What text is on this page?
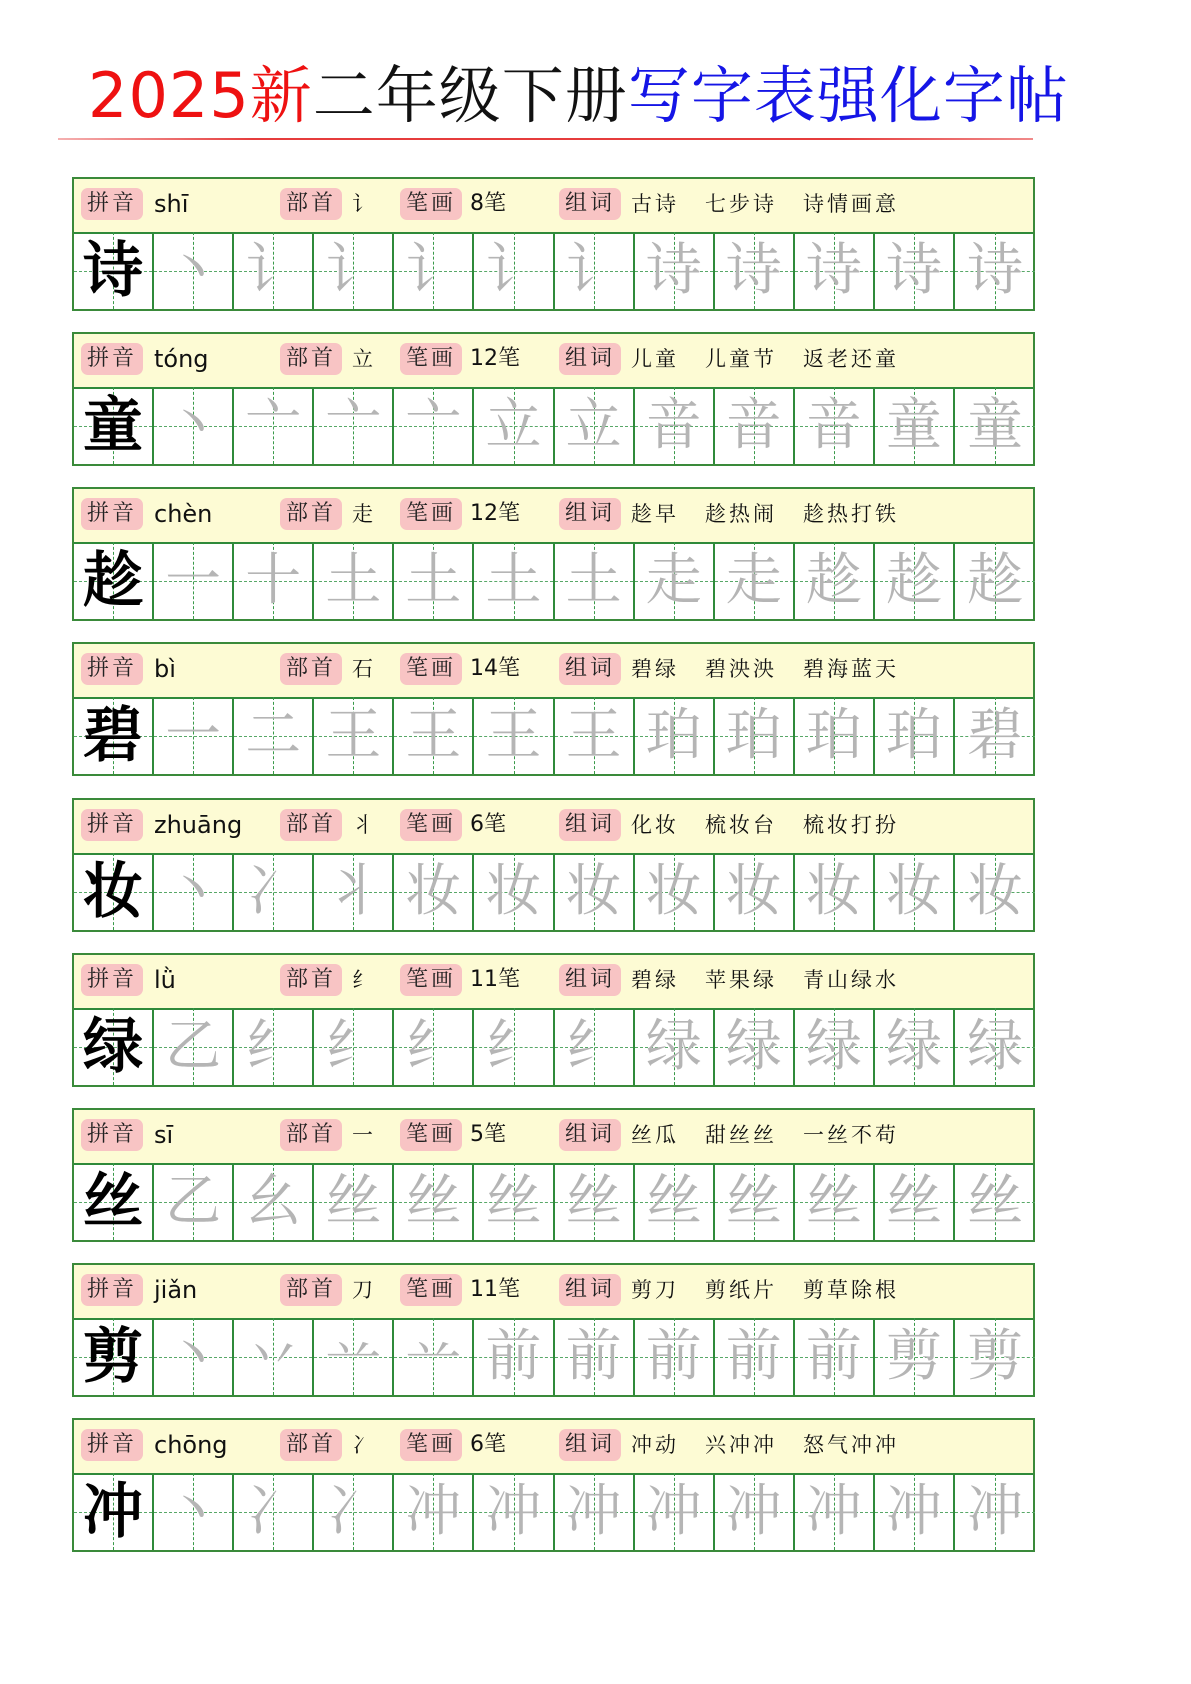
2025新二年级下册写字表强化字帖
拼音 shī	部首 讠 笔画 8笔	组词 古诗 七步诗 诗情画意
诗 丶 讠 讠 讠 讠 讠 诗 诗 诗 诗 诗
拼音 tóng	部首 立 笔画 12笔 组词 儿童 儿童节 返老还童
童 丶 亠 亠 亠 立 立 音 音 音 童 童
拼音 chèn	部首 走 笔画 12笔 组词 趁早 趁热闹 趁热打铁
趁 一 十 土 土 土 土 走 走 趁 趁 趁
拼音 bì	部首 石 笔画 14笔 组词 碧绿 碧泱泱 碧海蓝天
碧 一 二 王 王 王 王 珀 珀 珀 珀 碧
拼音 zhuāng 部首 丬 笔画 6笔	组词 化妆 梳妆台 梳妆打扮
妆 丶 冫 丬 妆 妆 妆 妆 妆 妆 妆 妆
拼音 lǜ	部首 纟 笔画 11笔 组词 碧绿 苹果绿 青山绿水
绿 乙 纟 纟 纟 纟 纟 绿 绿 绿 绿 绿
拼音 sī	部首 一 笔画 5笔	组词 丝瓜 甜丝丝 一丝不苟
丝 乙 幺 丝 丝 丝 丝 丝 丝 丝 丝 丝
拼音 jiǎn	部首 刀 笔画 11笔 组词 剪刀 剪纸片 剪草除根
剪 丶 丷 䒑 䒑 前 前 前 前 前 剪 剪
拼音 chōng	部首 冫 笔画 6笔	组词 冲动 兴冲冲 怒气冲冲
冲 丶 冫 冫 冲 冲 冲 冲 冲 冲 冲 冲
